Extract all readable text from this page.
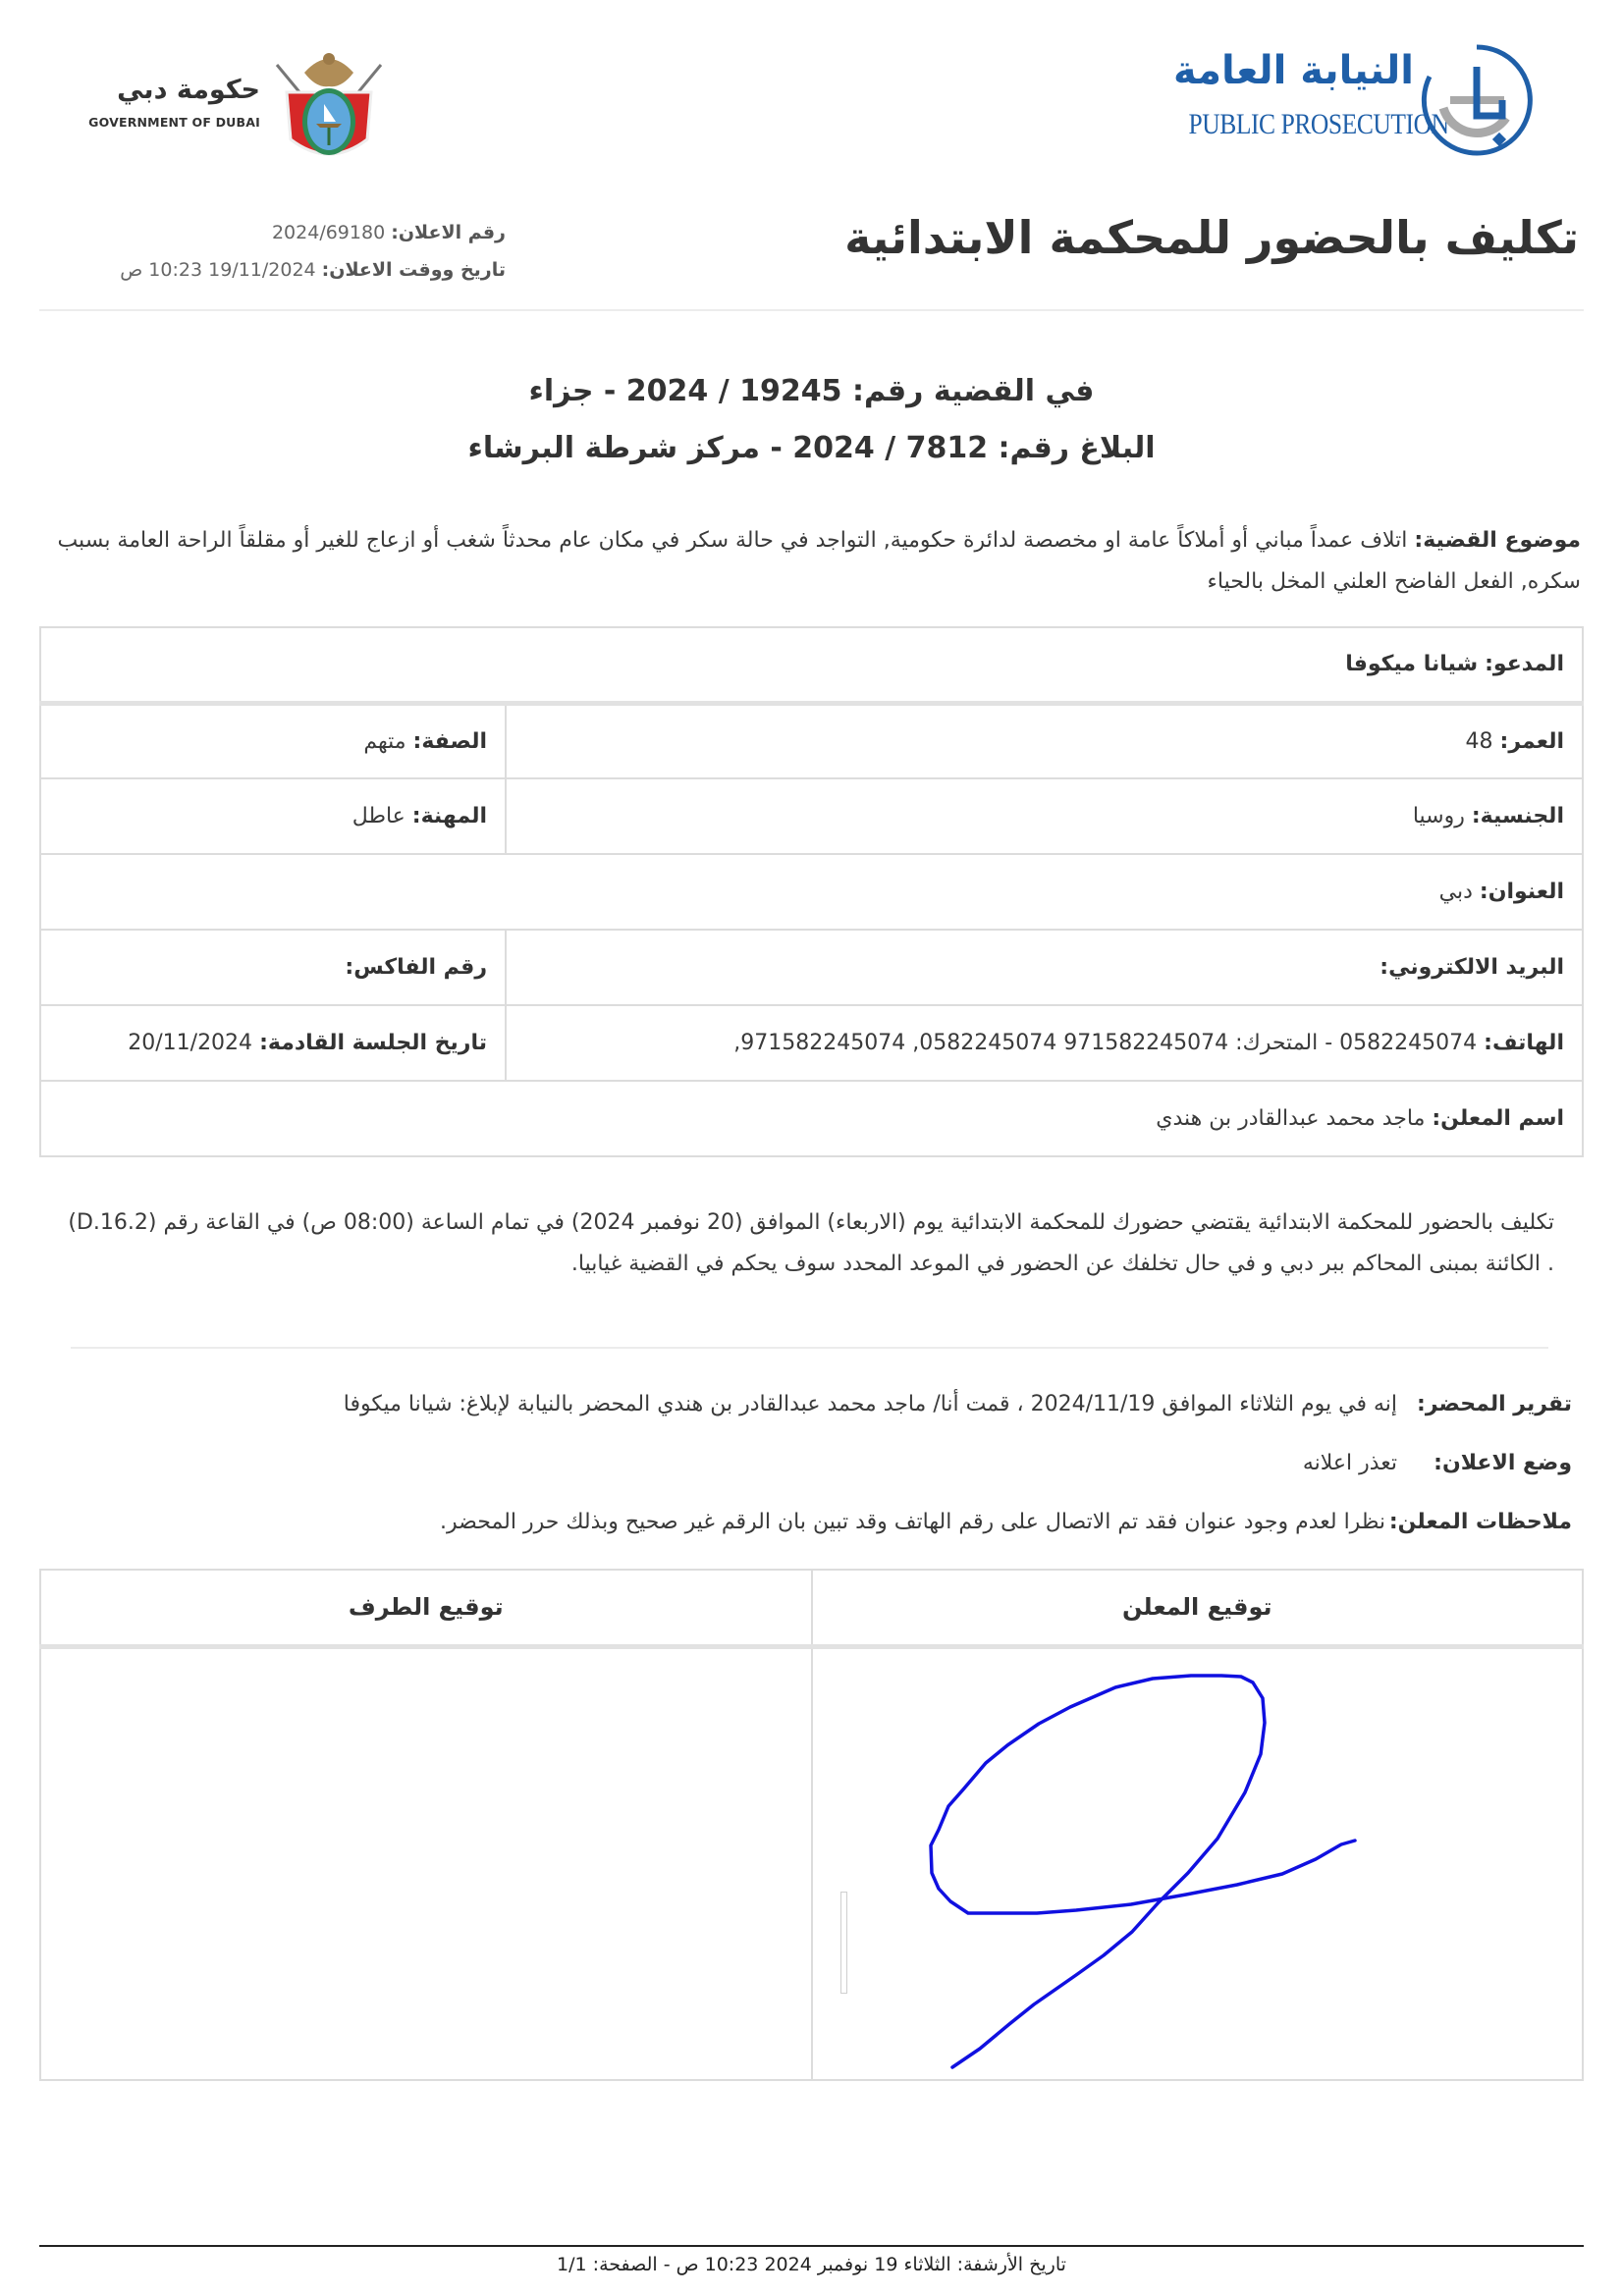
النيابة العامة
PUBLIC PROSECUTION
حكومة دبي
GOVERNMENT OF DUBAI
تكليف بالحضور للمحكمة الابتدائية
رقم الاعلان: 2024/69180
تاريخ ووقت الاعلان: 19/11/2024 10:23 ص
في القضية رقم: 19245 / 2024 - جزاء
البلاغ رقم: 7812 / 2024 - مركز شرطة البرشاء
موضوع القضية: اتلاف عمداً مباني أو أملاكاً عامة او مخصصة لدائرة حكومية, التواجد في حالة سكر في مكان عام محدثاً شغب أو ازعاج للغير أو مقلقاً الراحة العامة بسبب سكره, الفعل الفاضح العلني المخل بالحياء
المدعو: شيانا ميكوفا	
العمر: 48	الصفة: متهم
الجنسية: روسيا	المهنة: عاطل
العنوان: دبي	
البريد الالكتروني:	رقم الفاكس:
الهاتف: 0582245074 - المتحرك: 971582245074 0582245074, 971582245074,	تاريخ الجلسة القادمة: 20/11/2024
اسم المعلن: ماجد محمد عبدالقادر بن هندي	
تكليف بالحضور للمحكمة الابتدائية يقتضي حضورك للمحكمة الابتدائية يوم (الاربعاء) الموافق (20 نوفمبر 2024) في تمام الساعة (08:00 ص) في القاعة رقم (D.16.2) . الكائنة بمبنى المحاكم ببر دبي و في حال تخلفك عن الحضور في الموعد المحدد سوف يحكم في القضية غيابيا.
تقرير المحضر:
إنه في يوم الثلاثاء الموافق 2024/11/19 ، قمت أنا/ ماجد محمد عبدالقادر بن هندي المحضر بالنيابة لإبلاغ: شيانا ميكوفا
وضع الاعلان:
تعذر اعلانه
ملاحظات المعلن:
نظرا لعدم وجود عنوان فقد تم الاتصال على رقم الهاتف وقد تبين بان الرقم غير صحيح وبذلك حرر المحضر.
توقيع المعلن	توقيع الطرف

تاريخ الأرشفة: الثلاثاء 19 نوفمبر 2024 10:23 ص - الصفحة: 1/1
